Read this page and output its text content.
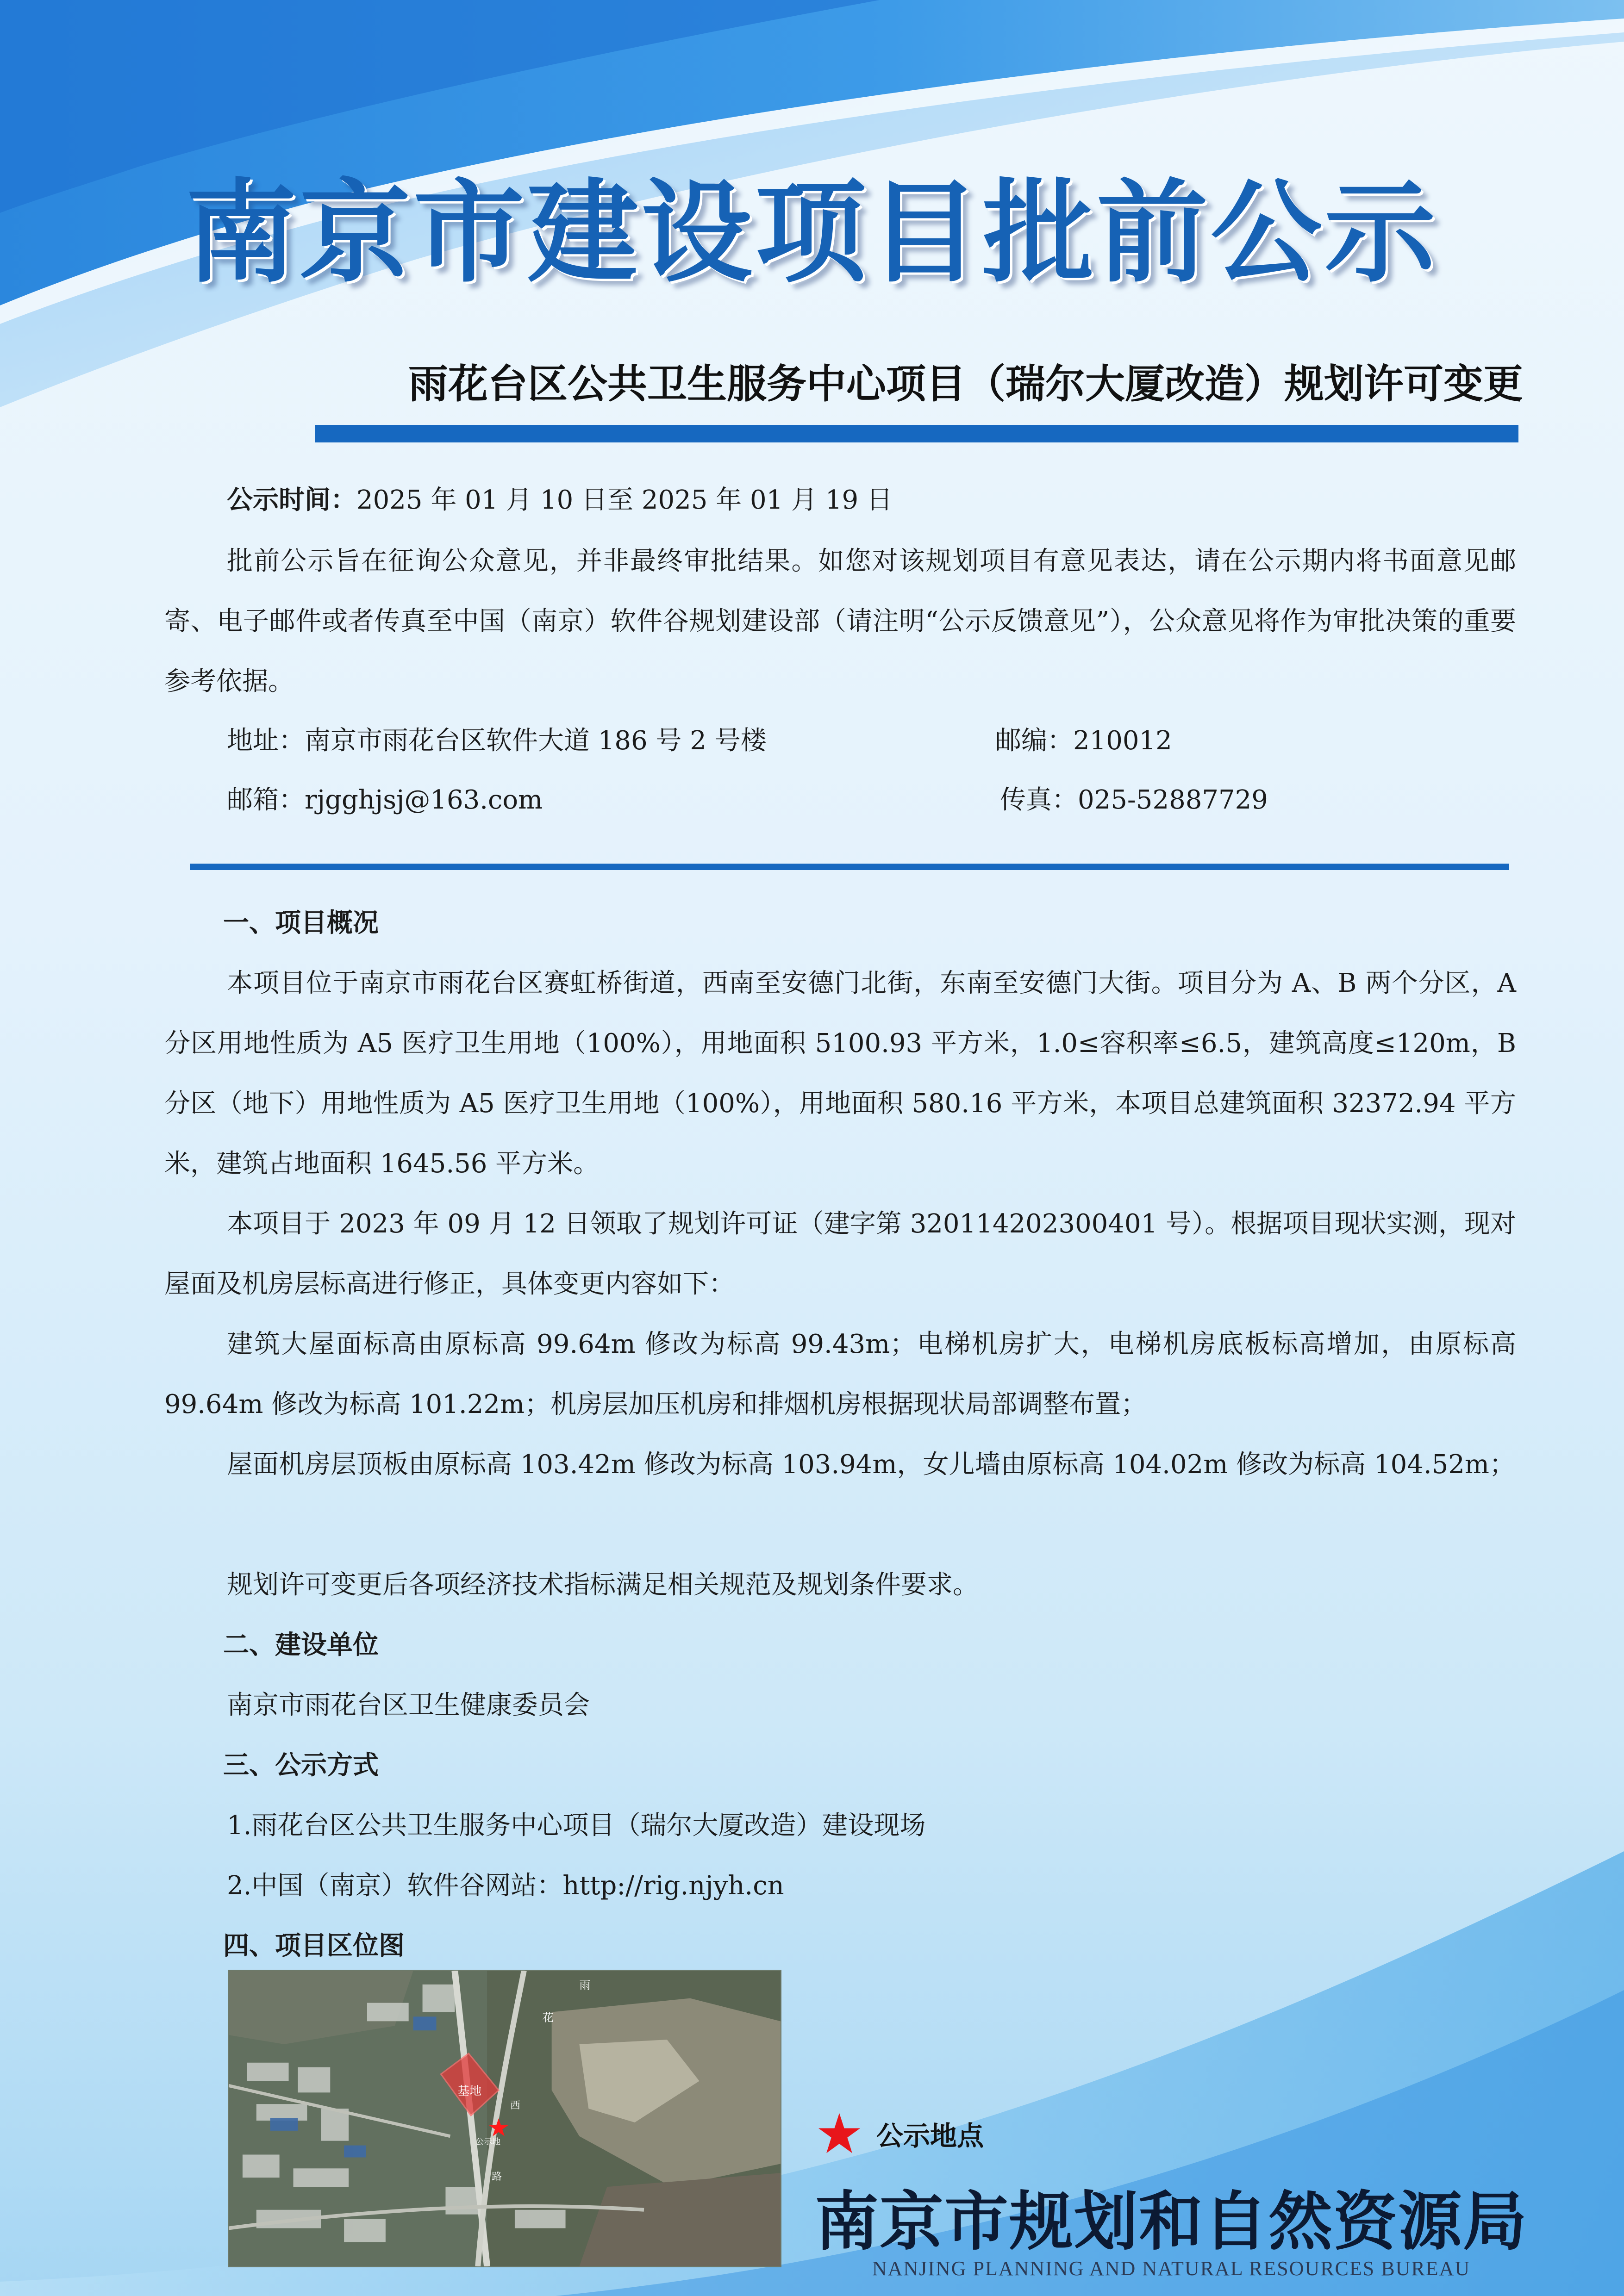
南京市建设项目批前公示
雨花台区公共卫生服务中心项目（瑞尔大厦改造）规划许可变更
公示时间：2025 年 01 月 10 日至 2025 年 01 月 19 日
批前公示旨在征询公众意见，并非最终审批结果。如您对该规划项目有意见表达，请在公示期内将书面意见邮寄、电子邮件或者传真至中国（南京）软件谷规划建设部（请注明“公示反馈意见”），公众意见将作为审批决策的重要参考依据。
地址：南京市雨花台区软件大道 186 号 2 号楼	邮编：210012
邮箱：rjgghjsj@163.com	传真：025-52887729
一、项目概况
本项目位于南京市雨花台区赛虹桥街道，西南至安德门北街，东南至安德门大街。项目分为 A、B 两个分区，A 分区用地性质为 A5 医疗卫生用地（100%），用地面积 5100.93 平方米，1.0≤容积率≤6.5，建筑高度≤120m，B 分区（地下）用地性质为 A5 医疗卫生用地（100%），用地面积 580.16 平方米，本项目总建筑面积 32372.94 平方米，建筑占地面积 1645.56 平方米。
本项目于 2023 年 09 月 12 日领取了规划许可证（建字第 320114202300401 号）。根据项目现状实测，现对屋面及机房层标高进行修正，具体变更内容如下：
建筑大屋面标高由原标高 99.64m 修改为标高 99.43m；电梯机房扩大，电梯机房底板标高增加，由原标高 99.64m 修改为标高 101.22m；机房层加压机房和排烟机房根据现状局部调整布置；
屋面机房层顶板由原标高 103.42m 修改为标高 103.94m，女儿墙由原标高 104.02m 修改为标高 104.52m；
规划许可变更后各项经济技术指标满足相关规范及规划条件要求。
二、建设单位
南京市雨花台区卫生健康委员会
三、公示方式
1.雨花台区公共卫生服务中心项目（瑞尔大厦改造）建设现场
2.中国（南京）软件谷网站：http://rig.njyh.cn
四、项目区位图
基地
雨
花
西
路
公示地	公示地点
南京市规划和自然资源局
NANJING PLANNING AND NATURAL RESOURCES BUREAU
